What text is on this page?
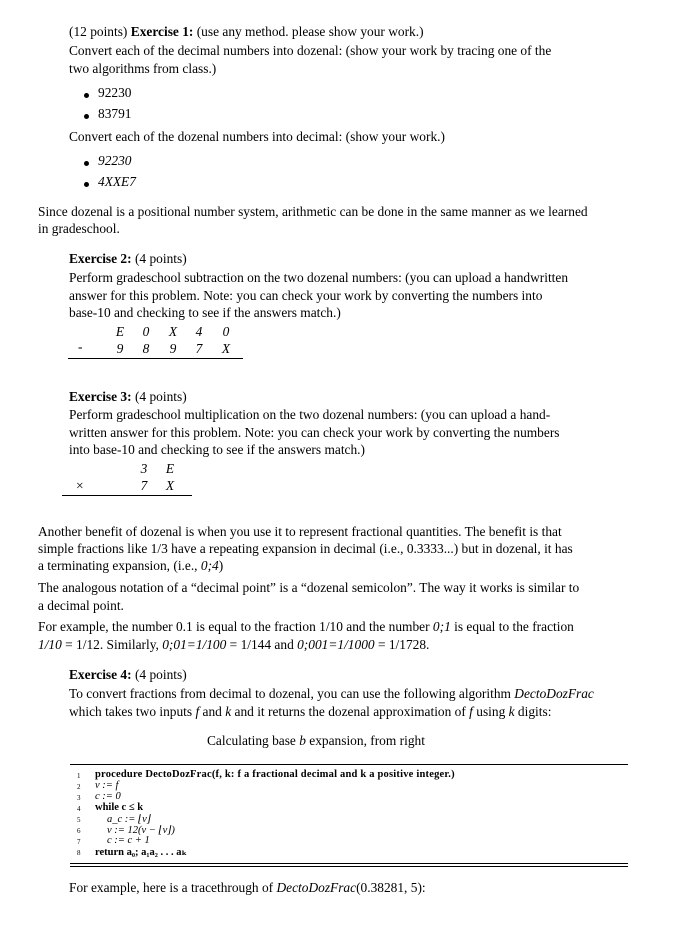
(12 points) Exercise 1: (use any method. please show your work.)
Convert each of the decimal numbers into dozenal: (show your work by tracing one of the
two algorithms from class.)
92230
83791
Convert each of the dozenal numbers into decimal: (show your work.)
92230
4XXE7
Since dozenal is a positional number system, arithmetic can be done in the same manner as we learned
in gradeschool.
Exercise 2: (4 points)
Perform gradeschool subtraction on the two dozenal numbers: (you can upload a handwritten
answer for this problem. Note: you can check your work by converting the numbers into
base-10 and checking to see if the answers match.)
E 0 X 4 0
-	9 8 9 7 X
Exercise 3: (4 points)
Perform gradeschool multiplication on the two dozenal numbers: (you can upload a hand-
written answer for this problem. Note: you can check your work by converting the numbers
into base-10 and checking to see if the answers match.)
3 E
×	7 X
Another benefit of dozenal is when you use it to represent fractional quantities. The benefit is that
simple fractions like 1/3 have a repeating expansion in decimal (i.e., 0.3333...) but in dozenal, it has
a terminating expansion, (i.e., 0;4)
The analogous notation of a “decimal point” is a “dozenal semicolon”. The way it works is similar to
a decimal point.
For example, the number 0.1 is equal to the fraction 1/10 and the number 0;1 is equal to the fraction
1/10 = 1/12. Similarly, 0;01=1/100 = 1/144 and 0;001=1/1000 = 1/1728.
Exercise 4: (4 points)
To convert fractions from decimal to dozenal, you can use the following algorithm DectoDozFrac
which takes two inputs f and k and it returns the dozenal approximation of f using k digits:
Calculating base b expansion, from right
1
2
3
4
5
6
7
8
procedure DectoDozFrac(f, k: f a fractional decimal and k a positive integer.)
v := f
c := 0
while c ≤ k
a_c := ⌊v⌋
v := 12(v − ⌊v⌋)
c := c + 1
return a₀; a₁a₂ . . . aₖ
For example, here is a tracethrough of DectoDozFrac(0.38281, 5):
